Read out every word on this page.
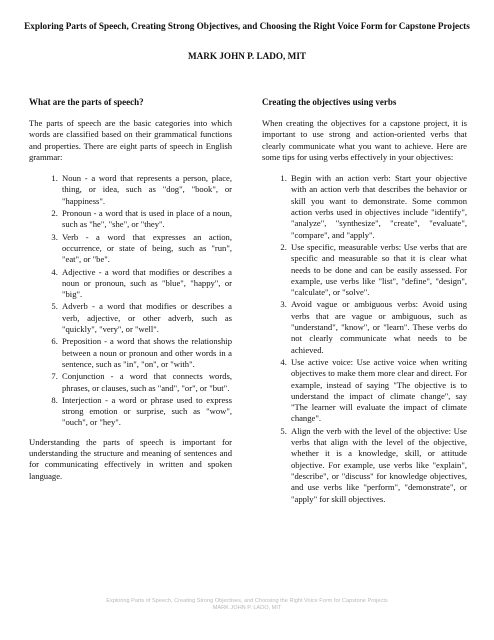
Exploring Parts of Speech, Creating Strong Objectives, and Choosing the Right Voice Form for Capstone Projects
MARK JOHN P. LADO, MIT
What are the parts of speech?

The parts of speech are the basic categories into which words are classified based on their grammatical functions and properties. There are eight parts of speech in English grammar:

1. Noun - a word that represents a person, place, thing, or idea, such as "dog", "book", or "happiness".
2. Pronoun - a word that is used in place of a noun, such as "he", "she", or "they".
3. Verb - a word that expresses an action, occurrence, or state of being, such as "run", "eat", or "be".
4. Adjective - a word that modifies or describes a noun or pronoun, such as "blue", "happy", or "big".
5. Adverb - a word that modifies or describes a verb, adjective, or other adverb, such as "quickly", "very", or "well".
6. Preposition - a word that shows the relationship between a noun or pronoun and other words in a sentence, such as "in", "on", or "with".
7. Conjunction - a word that connects words, phrases, or clauses, such as "and", "or", or "but".
8. Interjection - a word or phrase used to express strong emotion or surprise, such as "wow", "ouch", or "hey".

Understanding the parts of speech is important for understanding the structure and meaning of sentences and for communicating effectively in written and spoken language.

Creating the objectives using verbs

When creating the objectives for a capstone project, it is important to use strong and action-oriented verbs that clearly communicate what you want to achieve. Here are some tips for using verbs effectively in your objectives:

1. Begin with an action verb: Start your objective with an action verb that describes the behavior or skill you want to demonstrate. Some common action verbs used in objectives include "identify", "analyze", "synthesize", "create", "evaluate", "compare", and "apply".
2. Use specific, measurable verbs: Use verbs that are specific and measurable so that it is clear what needs to be done and can be easily assessed. For example, use verbs like "list", "define", "design", "calculate", or "solve".
3. Avoid vague or ambiguous verbs: Avoid using verbs that are vague or ambiguous, such as "understand", "know", or "learn". These verbs do not clearly communicate what needs to be achieved.
4. Use active voice: Use active voice when writing objectives to make them more clear and direct. For example, instead of saying "The objective is to understand the impact of climate change", say "The learner will evaluate the impact of climate change".
5. Align the verb with the level of the objective: Use verbs that align with the level of the objective, whether it is a knowledge, skill, or attitude objective. For example, use verbs like "explain", "describe", or "discuss" for knowledge objectives, and use verbs like "perform", "demonstrate", or "apply" for skill objectives.
Exploring Parts of Speech, Creating Strong Objectives, and Choosing the Right Voice Form for Capstone Projects
MARK JOHN P. LADO, MIT
